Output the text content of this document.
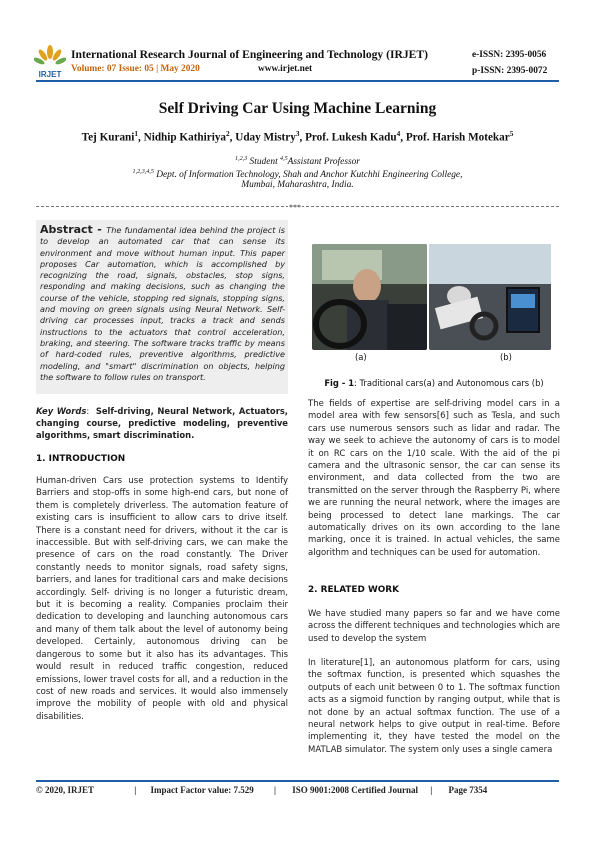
IRJET
International Research Journal of Engineering and Technology (IRJET)
Volume: 07 Issue: 05 | May 2020	www.irjet.net
e-ISSN: 2395-0056
p-ISSN: 2395-0072
Self Driving Car Using Machine Learning
Tej Kurani$^1$, Nidhip Kathiriya$^2$, Uday Mistry$^3$, Prof. Lukesh Kadu$^4$, Prof. Harish Motekar$^5$
$^{1,2,3}$ Student $^{4,5}$Assistant Professor
$^{1,2,3,4,5}$ Dept. of Information Technology, Shah and Anchor Kutchhi Engineering College,
Mumbai, Maharashtra, India.
***

Abstract - The fundamental idea behind the project is to develop an automated car that can sense its environment and move without human input. This paper proposes Car automation, which is accomplished by recognizing the road, signals, obstacles, stop signs, responding and making decisions, such as changing the course of the vehicle, stopping red signals, stopping signs, and moving on green signals using Neural Network. Self-driving car processes input, tracks a track and sends instructions to the actuators that control acceleration, braking, and steering. The software tracks traffic by means of hard-coded rules, preventive algorithms, predictive modeling, and "smart" discrimination on objects, helping the software to follow rules on transport.

Key Words:  Self-driving, Neural Network, Actuators, changing course, predictive modeling, preventive algorithms, smart discrimination.

1. INTRODUCTION

Human-driven Cars use protection systems to Identify Barriers and stop-offs in some high-end cars, but none of them is completely driverless. The automation feature of existing cars is insufficient to allow cars to drive itself. There is a constant need for drivers, without it the car is inaccessible. But with self-driving cars, we can make the presence of cars on the road constantly. The Driver constantly needs to monitor signals, road safety signs, barriers, and lanes for traditional cars and make decisions accordingly. Self- driving is no longer a futuristic dream, but it is becoming a reality. Companies proclaim their dedication to developing and launching autonomous cars and many of them talk about the level of autonomy being developed. Certainly, autonomous driving can be dangerous to some but it also has its advantages. This would result in reduced traffic congestion, reduced emissions, lower travel costs for all, and a reduction in the cost of new roads and services. It would also immensely improve the mobility of people with old and physical disabilities.

(a)	(b)
Fig - 1: Traditional cars(a) and Autonomous cars (b)

The fields of expertise are self-driving model cars in a model area with few sensors[6] such as Tesla, and such cars use numerous sensors such as lidar and radar. The way we seek to achieve the autonomy of cars is to model it on RC cars on the 1/10 scale. With the aid of the pi camera and the ultrasonic sensor, the car can sense its environment, and data collected from the two are transmitted on the server through the Raspberry Pi, where we are running the neural network, where the images are being processed to detect lane markings. The car automatically drives on its own according to the lane marking, once it is trained. In actual vehicles, the same algorithm and techniques can be used for automation.

2. RELATED WORK

We have studied many papers so far and we have come across the different techniques and technologies which are used to develop the system

In literature[1], an autonomous platform for cars, using the softmax function, is presented which squashes the outputs of each unit between 0 to 1. The softmax function acts as a sigmoid function by ranging output, while that is not done by an actual softmax function. The use of a neural network helps to give output in real-time. Before implementing it, they have tested the model on the MATLAB simulator. The system only uses a single camera

© 2020, IRJET	| Impact Factor value: 7.529 | ISO 9001:2008 Certified Journal | Page 7354
